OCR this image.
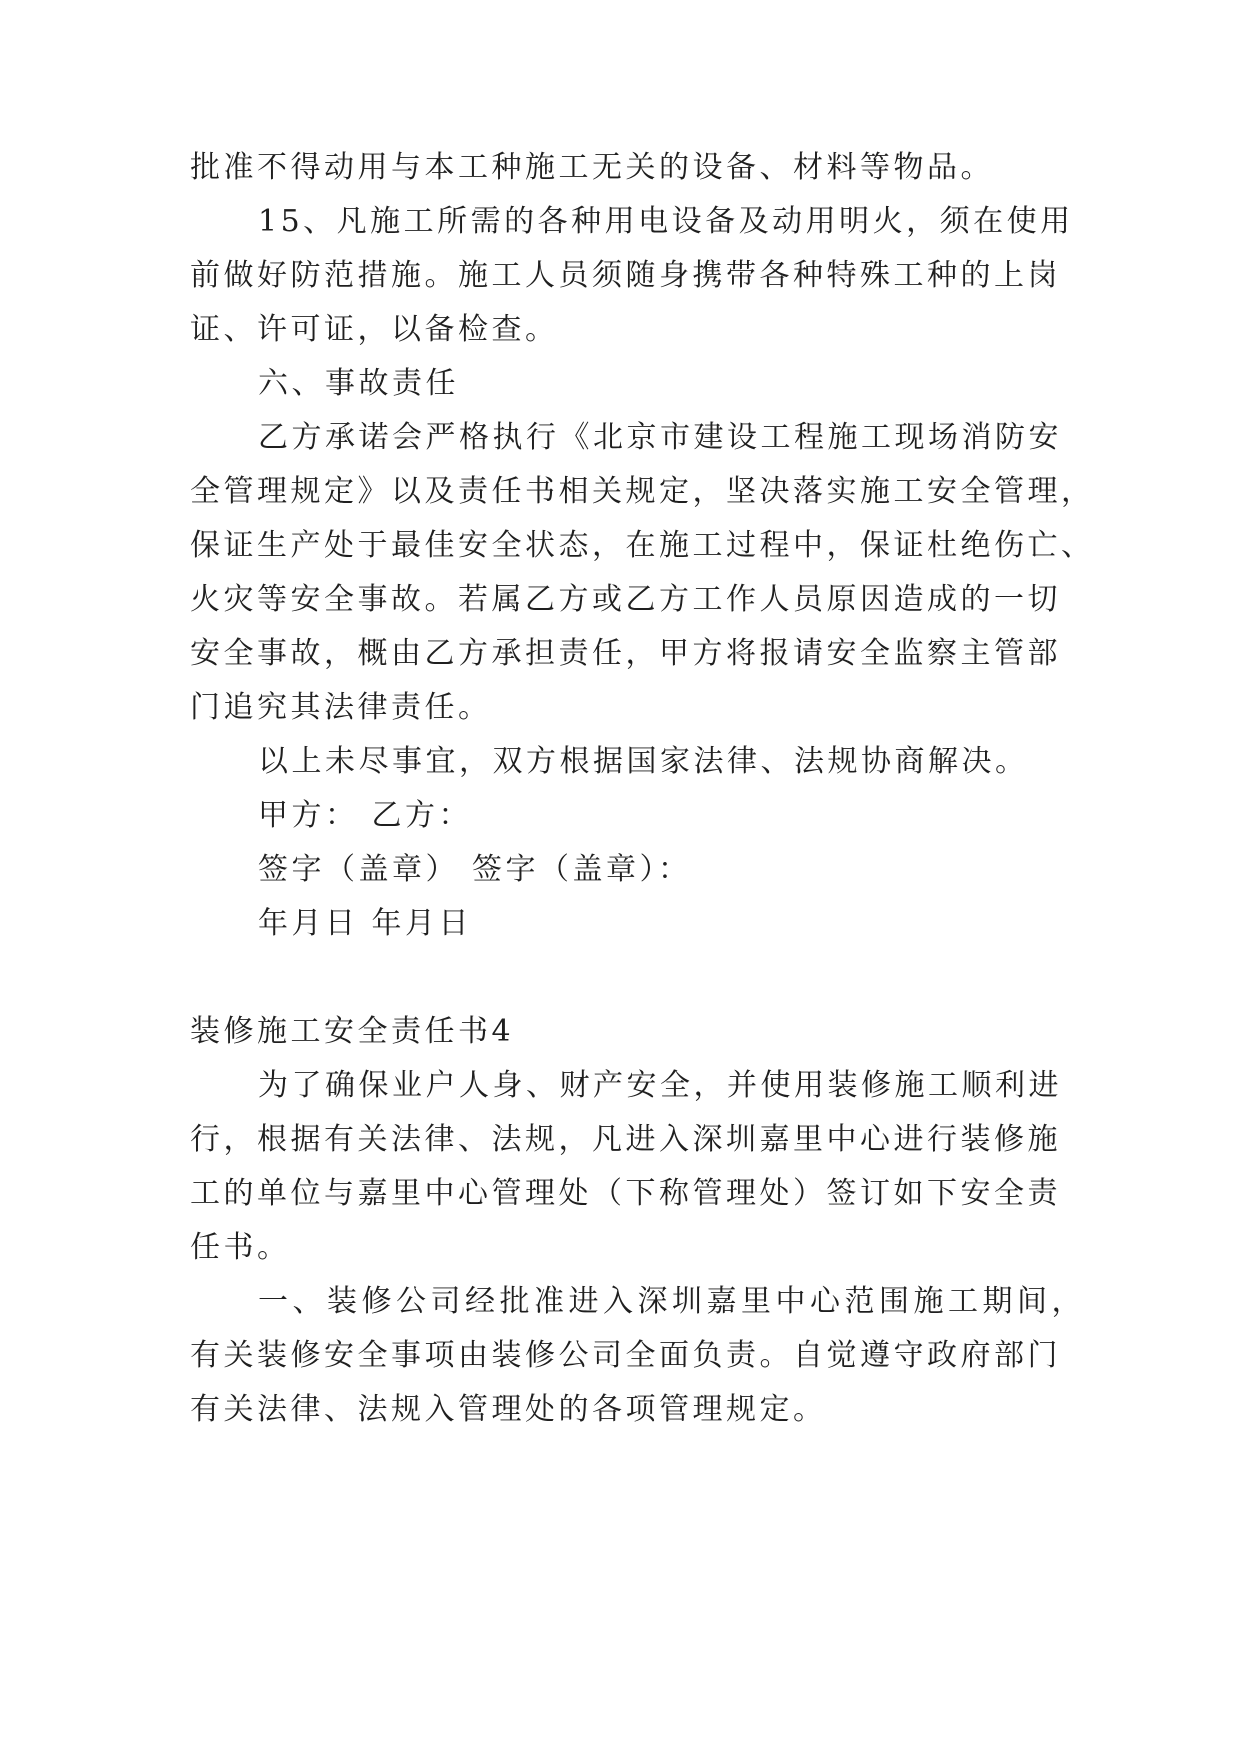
批准不得动用与本工种施工无关的设备、材料等物品。

15、凡施工所需的各种用电设备及动用明火，须在使用

前做好防范措施。施工人员须随身携带各种特殊工种的上岗

证、许可证，以备检查。

六、事故责任

乙方承诺会严格执行《北京市建设工程施工现场消防安

全管理规定》以及责任书相关规定，坚决落实施工安全管理，

保证生产处于最佳安全状态，在施工过程中，保证杜绝伤亡、

火灾等安全事故。若属乙方或乙方工作人员原因造成的一切

安全事故，概由乙方承担责任，甲方将报请安全监察主管部

门追究其法律责任。

以上未尽事宜，双方根据国家法律、法规协商解决。

甲方： 乙方：

签字（盖章） 签字（盖章）：

年月日 年月日

装修施工安全责任书4

为了确保业户人身、财产安全，并使用装修施工顺利进

行，根据有关法律、法规，凡进入深圳嘉里中心进行装修施

工的单位与嘉里中心管理处（下称管理处）签订如下安全责

任书。

一、装修公司经批准进入深圳嘉里中心范围施工期间，

有关装修安全事项由装修公司全面负责。自觉遵守政府部门

有关法律、法规入管理处的各项管理规定。
